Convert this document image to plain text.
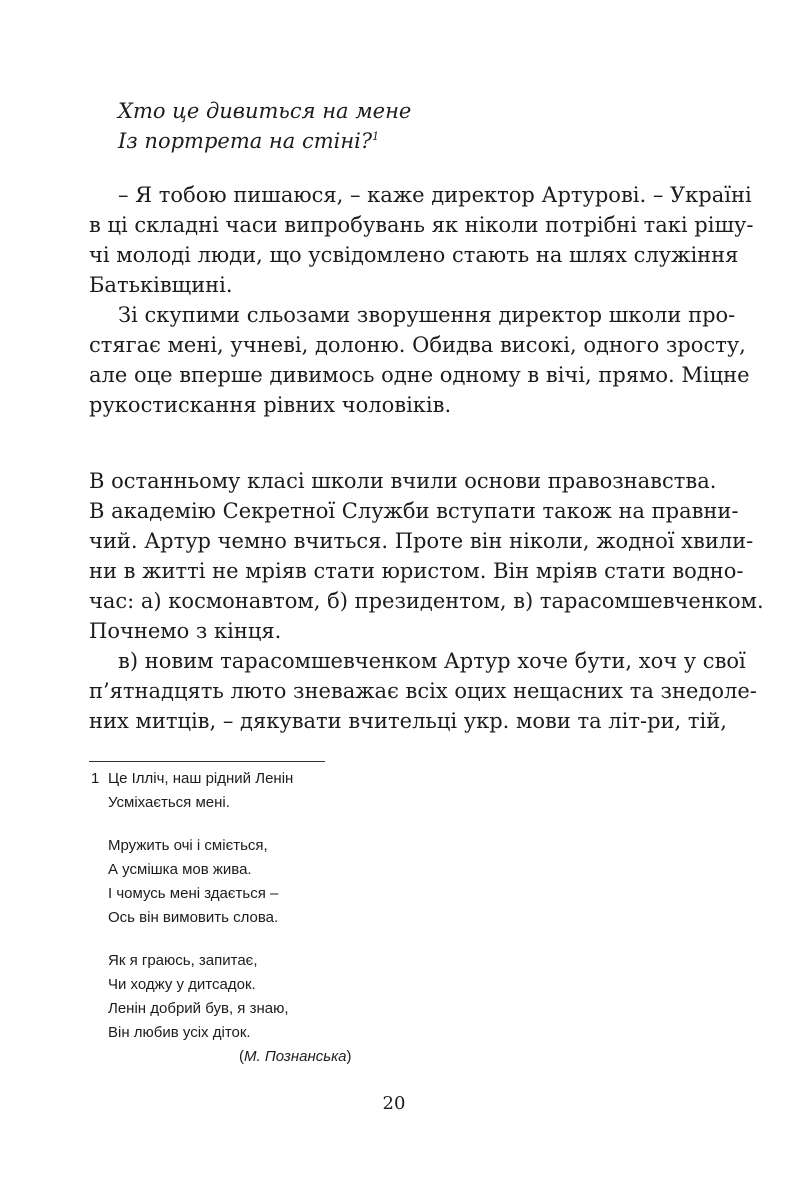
Хто це дивиться на мене
Із портрета на стіні?$^1$
– Я тобою пишаюся, – каже директор Артурові. – Україні
в ці складні часи випробувань як ніколи потрібні такі рішу-
чі молоді люди, що усвідомлено стають на шлях служіння
Батьківщині.
Зі скупими сльозами зворушення директор школи про-
стягає мені, учневі, долоню. Обидва високі, одного зросту,
але оце вперше дивимось одне одному в вічі, прямо. Міцне
рукостискання рівних чоловіків.
В останньому класі школи вчили основи правознавства.
В академію Секретної Служби вступати також на правни-
чий. Артур чемно вчиться. Проте він ніколи, жодної хвили-
ни в житті не мріяв стати юристом. Він мріяв стати водно-
час: а) космонавтом, б) президентом, в) тарасомшевченком.
Почнемо з кінця.
в) новим тарасомшевченком Артур хоче бути, хоч у свої
п’ятнадцять люто зневажає всіх оцих нещасних та знедоле-
них митців, – дякувати вчительці укр. мови та літ-ри, тій,
1 Це Ілліч, наш рідний Ленін
Усміхається мені.
Мружить очі і сміється,
А усмішка мов жива.
І чомусь мені здається –
Ось він вимовить слова.
Як я граюсь, запитає,
Чи ходжу у дитсадок.
Ленін добрий був, я знаю,
Він любив усіх діток.
(М. Познанська)
20
